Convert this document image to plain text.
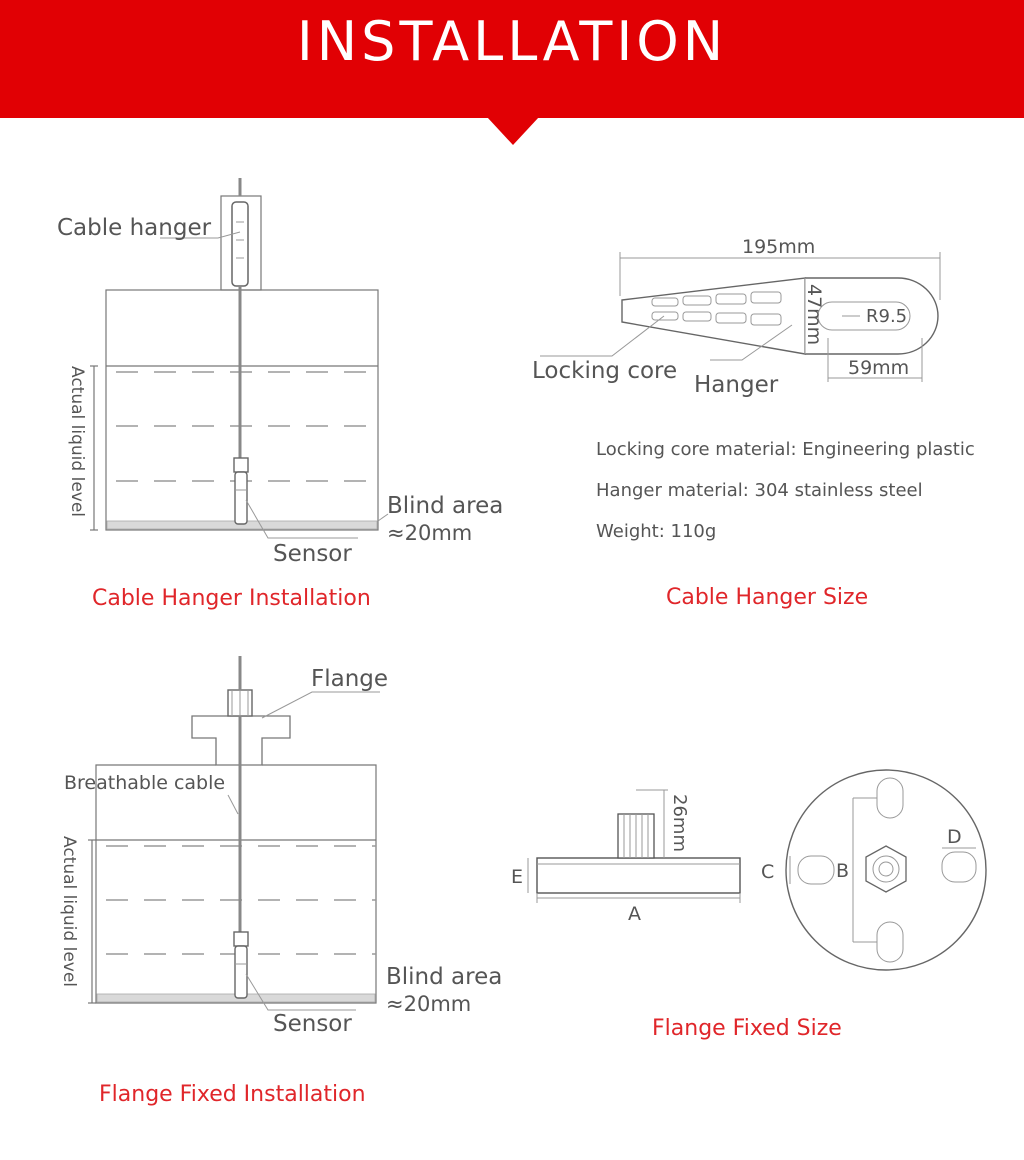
INSTALLATION
Actual liquid level
Cable hanger
Blind area
≈20mm
Sensor
Cable Hanger Installation
195mm
R9.5
47mm
59mm
Locking core
Hanger
Locking core material: Engineering plastic
Hanger material: 304 stainless steel
Weight: 110g
Cable Hanger Size
Actual liquid level
Flange
Breathable cable
Blind area
≈20mm
Sensor
Flange Fixed Installation
26mm
A
E	B
C
D
Flange Fixed Size
